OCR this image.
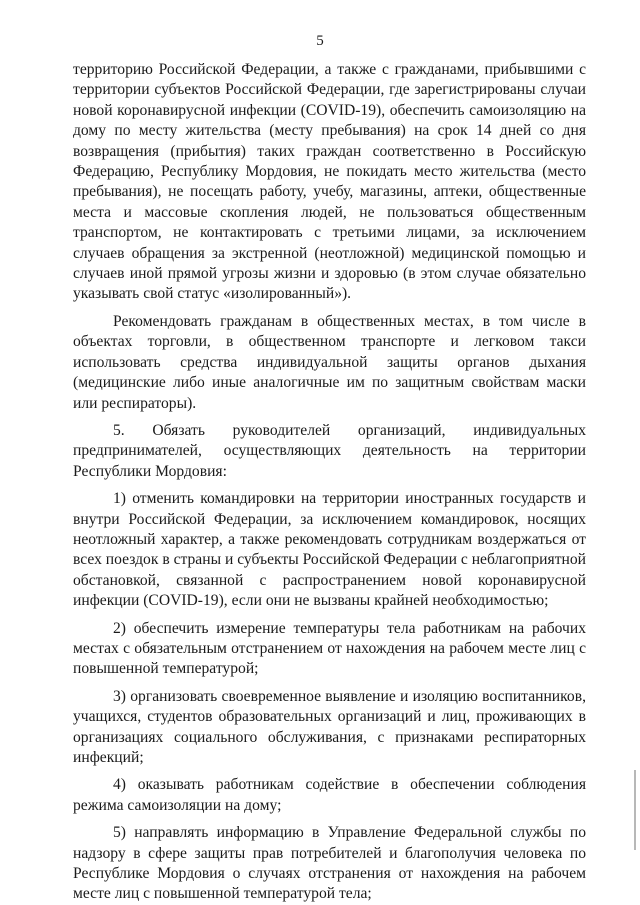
5

территорию Российской Федерации, а также с гражданами, прибывшими с территории субъектов Российской Федерации, где зарегистрированы случаи новой коронавирусной инфекции (COVID-19), обеспечить самоизоляцию на дому по месту жительства (месту пребывания) на срок 14 дней со дня возвращения (прибытия) таких граждан соответственно в Российскую Федерацию, Республику Мордовия, не покидать место жительства (место пребывания), не посещать работу, учебу, магазины, аптеки, общественные места и массовые скопления людей, не пользоваться общественным транспортом, не контактировать с третьими лицами, за исключением случаев обращения за экстренной (неотложной) медицинской помощью и случаев иной прямой угрозы жизни и здоровью (в этом случае обязательно указывать свой статус «изолированный»).

Рекомендовать гражданам в общественных местах, в том числе в объектах торговли, в общественном транспорте и легковом такси использовать средства индивидуальной защиты органов дыхания (медицинские либо иные аналогичные им по защитным свойствам маски или респираторы).

5. Обязать руководителей организаций, индивидуальных предпринимателей, осуществляющих деятельность на территории Республики Мордовия:

1) отменить командировки на территории иностранных государств и внутри Российской Федерации, за исключением командировок, носящих неотложный характер, а также рекомендовать сотрудникам воздержаться от всех поездок в страны и субъекты Российской Федерации с неблагоприятной обстановкой, связанной с распространением новой коронавирусной инфекции (COVID-19), если они не вызваны крайней необходимостью;

2) обеспечить измерение температуры тела работникам на рабочих местах с обязательным отстранением от нахождения на рабочем месте лиц с повышенной температурой;

3) организовать своевременное выявление и изоляцию воспитанников, учащихся, студентов образовательных организаций и лиц, проживающих в организациях социального обслуживания, с признаками респираторных инфекций;

4) оказывать работникам содействие в обеспечении соблюдения режима самоизоляции на дому;

5) направлять информацию в Управление Федеральной службы по надзору в сфере защиты прав потребителей и благополучия человека по Республике Мордовия о случаях отстранения от нахождения на рабочем месте лиц с повышенной температурой тела;
